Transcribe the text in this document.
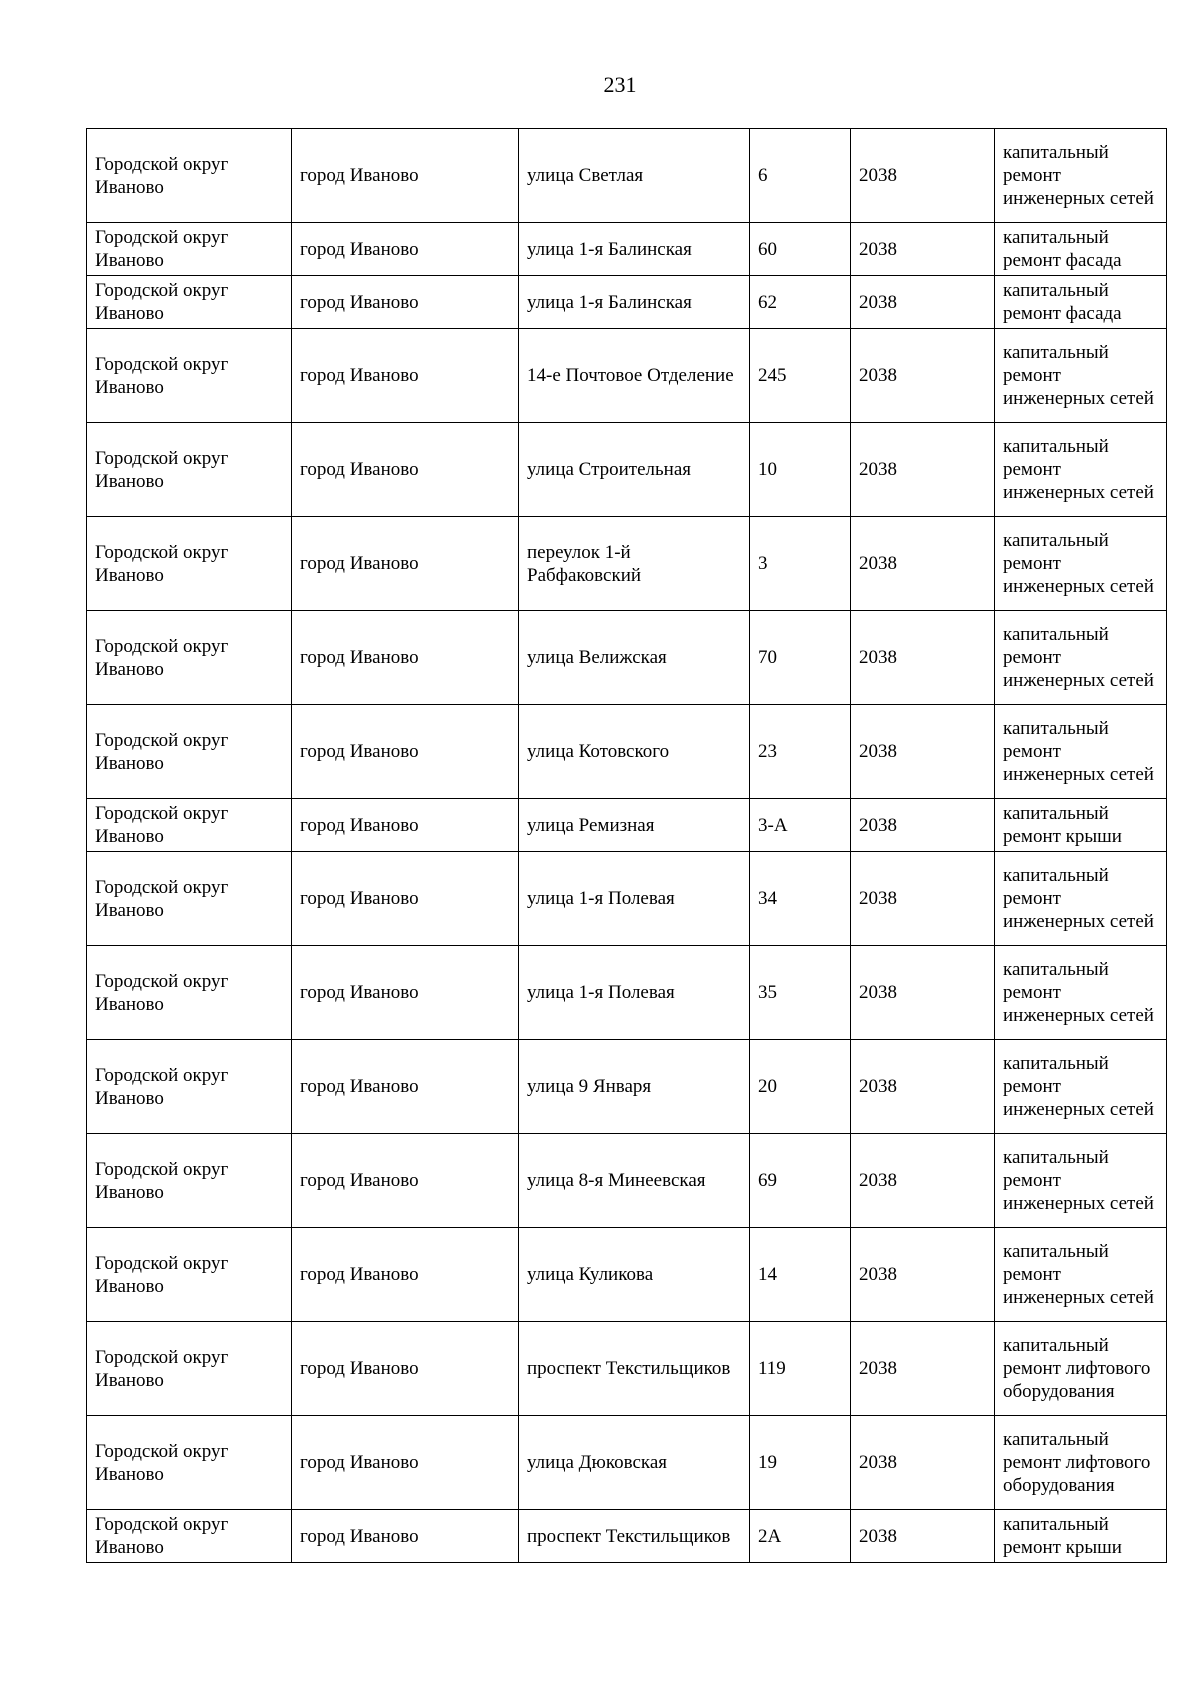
231
Городской округ Иваново	город Иваново	улица Светлая	6	2038	капитальный ремонт инженерных сетей
Городской округ Иваново	город Иваново	улица 1-я Балинская	60	2038	капитальный ремонт фасада
Городской округ Иваново	город Иваново	улица 1-я Балинская	62	2038	капитальный ремонт фасада
Городской округ Иваново	город Иваново	14-е Почтовое Отделение	245	2038	капитальный ремонт инженерных сетей
Городской округ Иваново	город Иваново	улица Строительная	10	2038	капитальный ремонт инженерных сетей
Городской округ Иваново	город Иваново	переулок 1-й Рабфаковский	3	2038	капитальный ремонт инженерных сетей
Городской округ Иваново	город Иваново	улица Велижская	70	2038	капитальный ремонт инженерных сетей
Городской округ Иваново	город Иваново	улица Котовского	23	2038	капитальный ремонт инженерных сетей
Городской округ Иваново	город Иваново	улица Ремизная	3-А	2038	капитальный ремонт крыши
Городской округ Иваново	город Иваново	улица 1-я Полевая	34	2038	капитальный ремонт инженерных сетей
Городской округ Иваново	город Иваново	улица 1-я Полевая	35	2038	капитальный ремонт инженерных сетей
Городской округ Иваново	город Иваново	улица 9 Января	20	2038	капитальный ремонт инженерных сетей
Городской округ Иваново	город Иваново	улица 8-я Минеевская	69	2038	капитальный ремонт инженерных сетей
Городской округ Иваново	город Иваново	улица Куликова	14	2038	капитальный ремонт инженерных сетей
Городской округ Иваново	город Иваново	проспект Текстильщиков	119	2038	капитальный ремонт лифтового оборудования
Городской округ Иваново	город Иваново	улица Дюковская	19	2038	капитальный ремонт лифтового оборудования
Городской округ Иваново	город Иваново	проспект Текстильщиков	2А	2038	капитальный ремонт крыши
